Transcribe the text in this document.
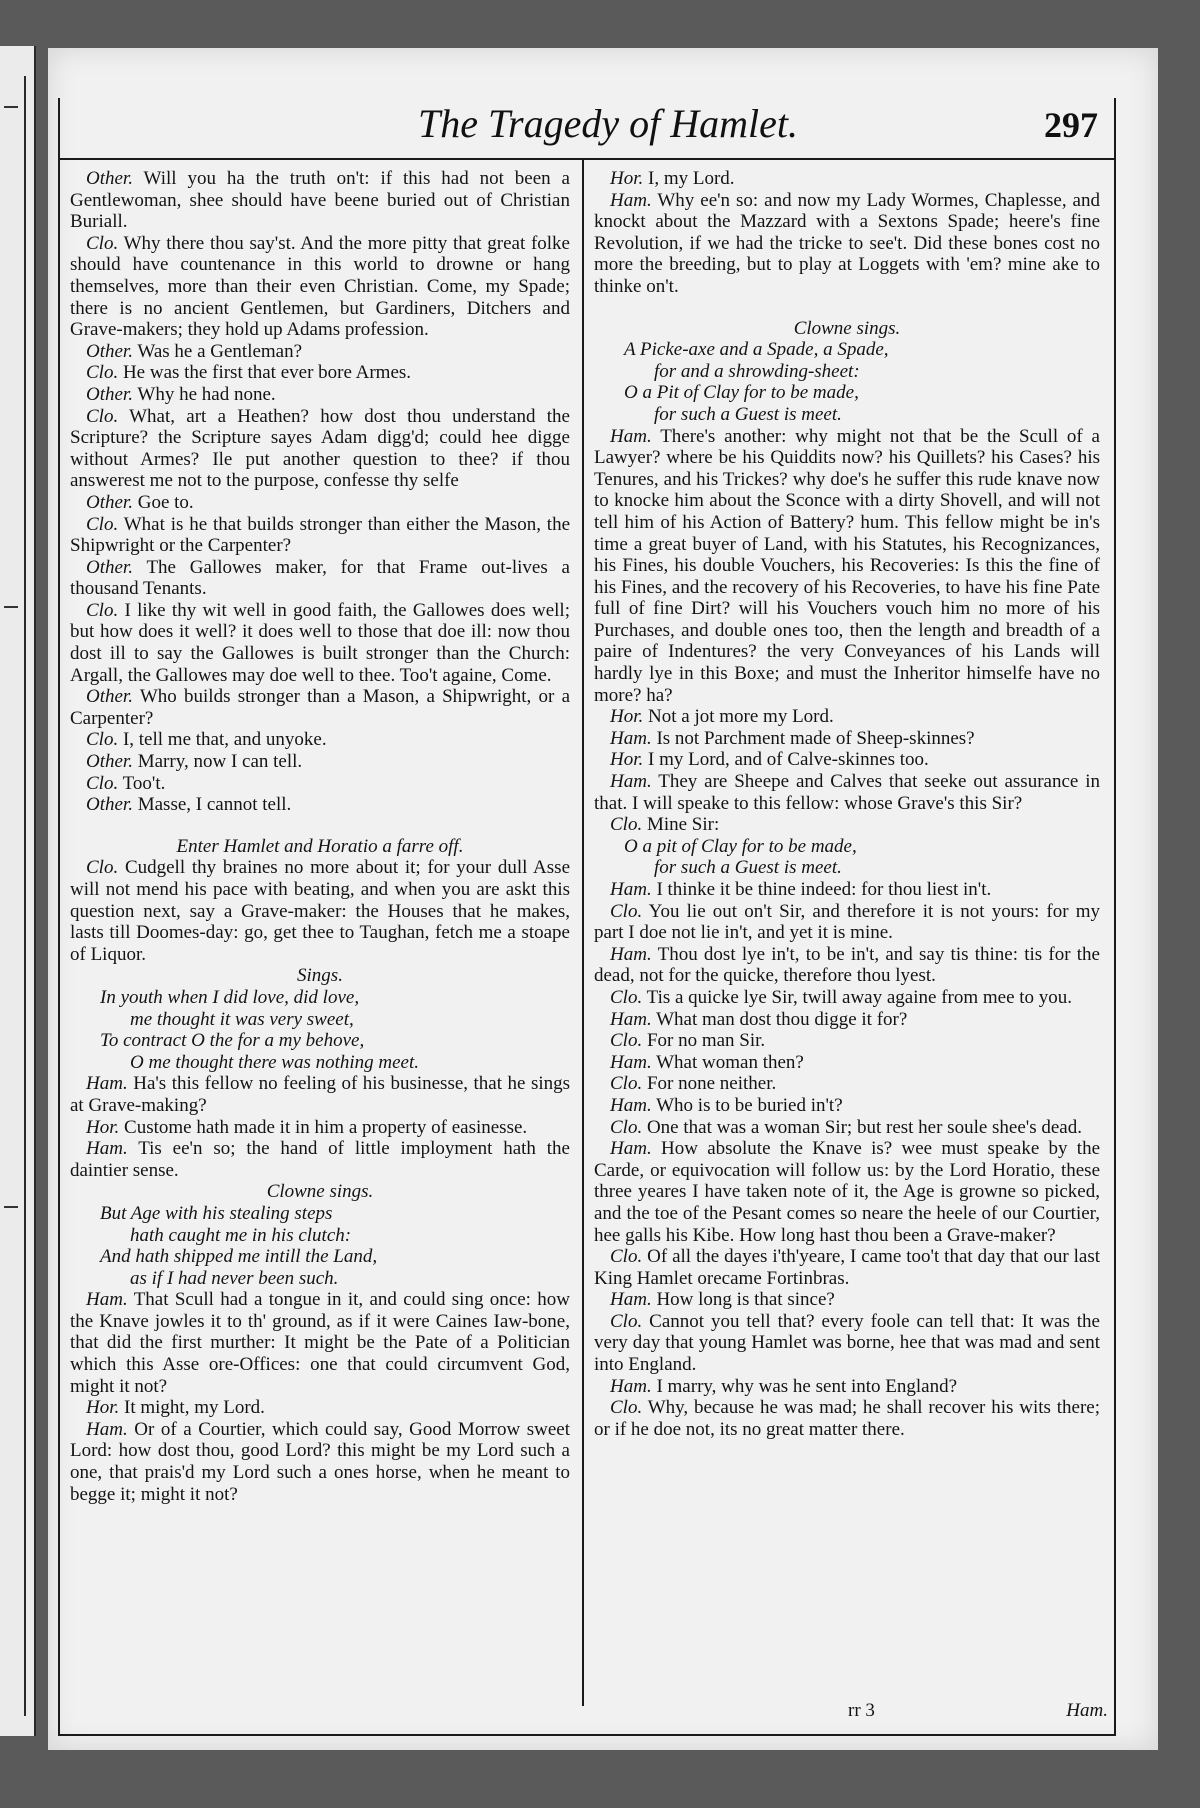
The Tragedy of Hamlet.	297

Other. Will you ha the truth on't: if this had not been a Gentlewoman, shee should have beene buried out of Christian Buriall.

Clo. Why there thou say'st. And the more pitty that great folke should have countenance in this world to drowne or hang themselves, more than their even Christian. Come, my Spade; there is no ancient Gentlemen, but Gardiners, Ditchers and Grave-makers; they hold up Adams profession.

Other. Was he a Gentleman?

Clo. He was the first that ever bore Armes.

Other. Why he had none.

Clo. What, art a Heathen? how dost thou understand the Scripture? the Scripture sayes Adam digg'd; could hee digge without Armes? Ile put another question to thee? if thou answerest me not to the purpose, confesse thy selfe

Other. Goe to.

Clo. What is he that builds stronger than either the Mason, the Shipwright or the Carpenter?

Other. The Gallowes maker, for that Frame out-lives a thousand Tenants.

Clo. I like thy wit well in good faith, the Gallowes does well; but how does it well? it does well to those that doe ill: now thou dost ill to say the Gallowes is built stronger than the Church: Argall, the Gallowes may doe well to thee. Too't againe, Come.

Other. Who builds stronger than a Mason, a Shipwright, or a Carpenter?

Clo. I, tell me that, and unyoke.

Other. Marry, now I can tell.

Clo. Too't.

Other. Masse, I cannot tell.

Enter Hamlet and Horatio a farre off.

Clo. Cudgell thy braines no more about it; for your dull Asse will not mend his pace with beating, and when you are askt this question next, say a Grave-maker: the Houses that he makes, lasts till Doomes-day: go, get thee to Taughan, fetch me a stoape of Liquor.

Sings.

In youth when I did love, did love,

me thought it was very sweet,

To contract O the for a my behove,

O me thought there was nothing meet.

Ham. Ha's this fellow no feeling of his businesse, that he sings at Grave-making?

Hor. Custome hath made it in him a property of easinesse.

Ham. Tis ee'n so; the hand of little imployment hath the daintier sense.

Clowne sings.

But Age with his stealing steps

hath caught me in his clutch:

And hath shipped me intill the Land,

as if I had never been such.

Ham. That Scull had a tongue in it, and could sing once: how the Knave jowles it to th' ground, as if it were Caines Iaw-bone, that did the first murther: It might be the Pate of a Politician which this Asse ore-Offices: one that could circumvent God, might it not?

Hor. It might, my Lord.

Ham. Or of a Courtier, which could say, Good Morrow sweet Lord: how dost thou, good Lord? this might be my Lord such a one, that prais'd my Lord such a ones horse, when he meant to begge it; might it not?

Hor. I, my Lord.

Ham. Why ee'n so: and now my Lady Wormes, Chaplesse, and knockt about the Mazzard with a Sextons Spade; heere's fine Revolution, if we had the tricke to see't. Did these bones cost no more the breeding, but to play at Loggets with 'em? mine ake to thinke on't.

Clowne sings.

A Picke-axe and a Spade, a Spade,

for and a shrowding-sheet:

O a Pit of Clay for to be made,

for such a Guest is meet.

Ham. There's another: why might not that be the Scull of a Lawyer? where be his Quiddits now? his Quillets? his Cases? his Tenures, and his Trickes? why doe's he suffer this rude knave now to knocke him about the Sconce with a dirty Shovell, and will not tell him of his Action of Battery? hum. This fellow might be in's time a great buyer of Land, with his Statutes, his Recognizances, his Fines, his double Vouchers, his Recoveries: Is this the fine of his Fines, and the recovery of his Recoveries, to have his fine Pate full of fine Dirt? will his Vouchers vouch him no more of his Purchases, and double ones too, then the length and breadth of a paire of Indentures? the very Conveyances of his Lands will hardly lye in this Boxe; and must the Inheritor himselfe have no more? ha?

Hor. Not a jot more my Lord.

Ham. Is not Parchment made of Sheep-skinnes?

Hor. I my Lord, and of Calve-skinnes too.

Ham. They are Sheepe and Calves that seeke out assurance in that. I will speake to this fellow: whose Grave's this Sir?

Clo. Mine Sir:

O a pit of Clay for to be made,

for such a Guest is meet.

Ham. I thinke it be thine indeed: for thou liest in't.

Clo. You lie out on't Sir, and therefore it is not yours: for my part I doe not lie in't, and yet it is mine.

Ham. Thou dost lye in't, to be in't, and say tis thine: tis for the dead, not for the quicke, therefore thou lyest.

Clo. Tis a quicke lye Sir, twill away againe from mee to you.

Ham. What man dost thou digge it for?

Clo. For no man Sir.

Ham. What woman then?

Clo. For none neither.

Ham. Who is to be buried in't?

Clo. One that was a woman Sir; but rest her soule shee's dead.

Ham. How absolute the Knave is? wee must speake by the Carde, or equivocation will follow us: by the Lord Horatio, these three yeares I have taken note of it, the Age is growne so picked, and the toe of the Pesant comes so neare the heele of our Courtier, hee galls his Kibe. How long hast thou been a Grave-maker?

Clo. Of all the dayes i'th'yeare, I came too't that day that our last King Hamlet orecame Fortinbras.

Ham. How long is that since?

Clo. Cannot you tell that? every foole can tell that: It was the very day that young Hamlet was borne, hee that was mad and sent into England.

Ham. I marry, why was he sent into England?

Clo. Why, because he was mad; he shall recover his wits there; or if he doe not, its no great matter there.

rr 3	Ham.
